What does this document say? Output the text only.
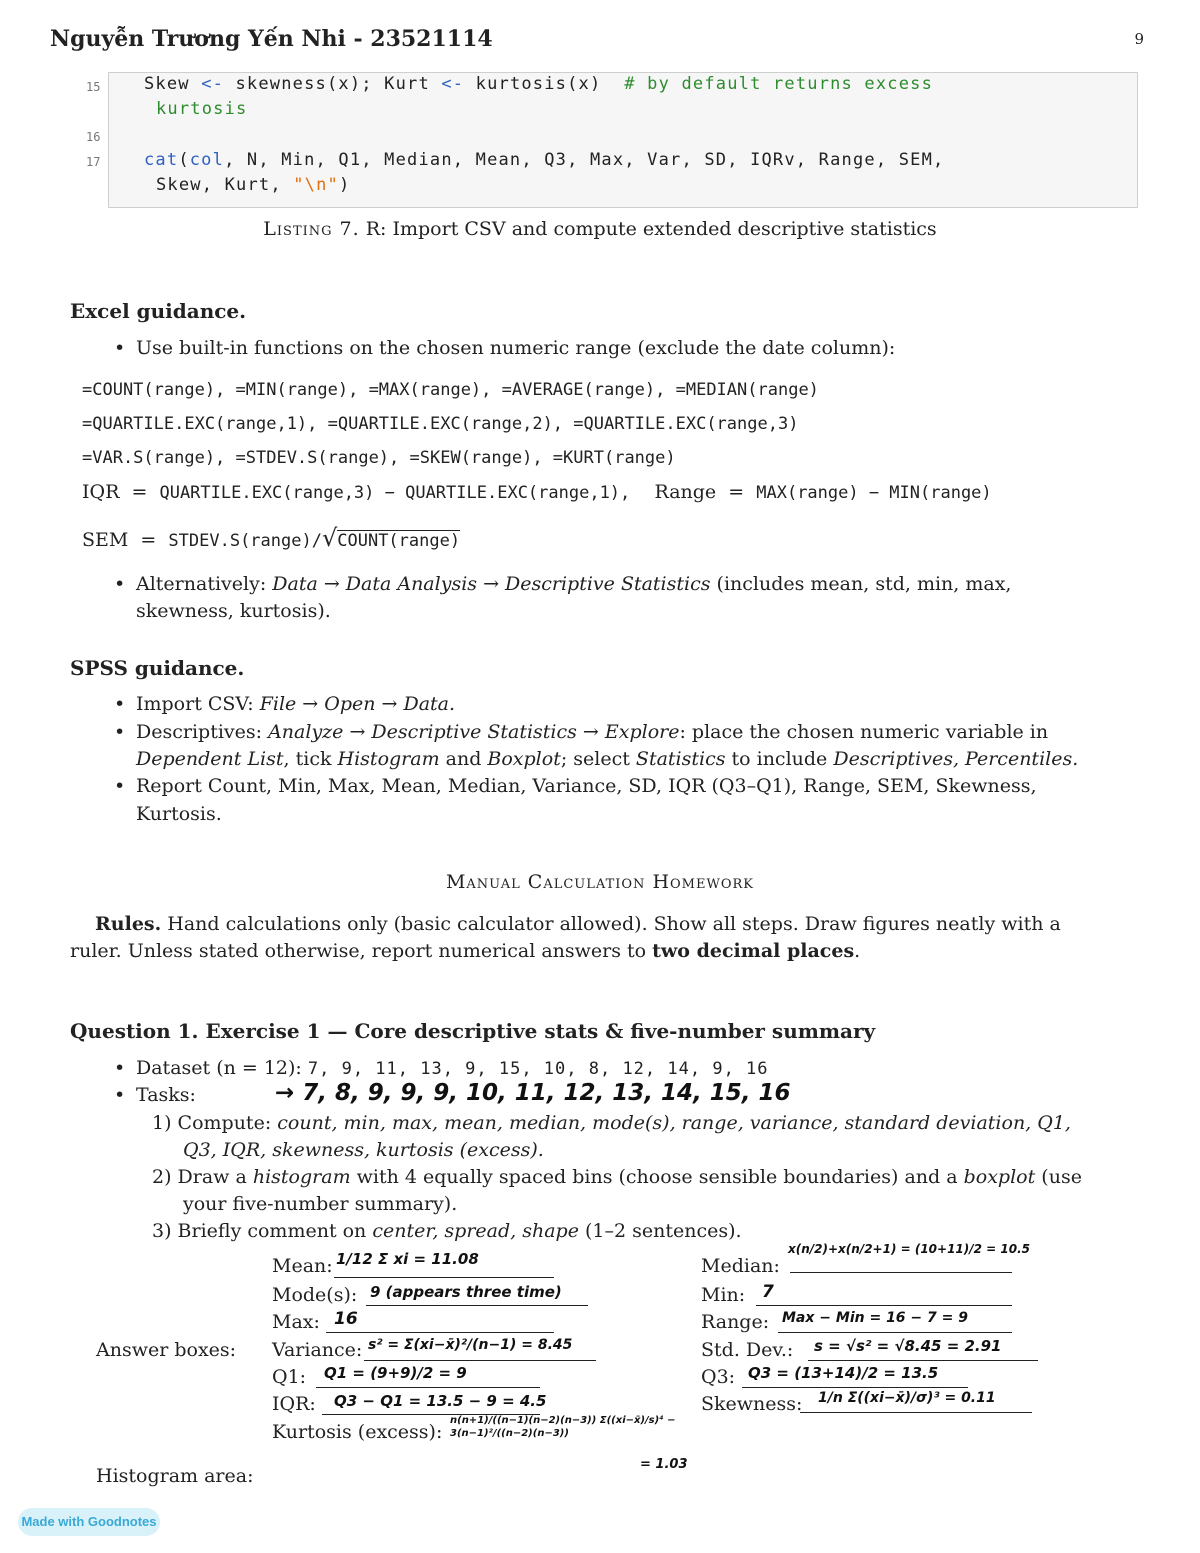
Nguyễn Trương Yến Nhi - 23521114	9
15
16
17
Skew <- skewness(x); Kurt <- kurtosis(x)  # by default returns excess
kurtosis
cat(col, N, Min, Q1, Median, Mean, Q3, Max, Var, SD, IQRv, Range, SEM,
Skew, Kurt, "\n")
Listing 7. R: Import CSV and compute extended descriptive statistics
Excel guidance.
• Use built-in functions on the chosen numeric range (exclude the date column):
=COUNT(range), =MIN(range), =MAX(range), =AVERAGE(range), =MEDIAN(range)
=QUARTILE.EXC(range,1), =QUARTILE.EXC(range,2), =QUARTILE.EXC(range,3)
=VAR.S(range), =STDEV.S(range), =SKEW(range), =KURT(range)
IQR  =  QUARTILE.EXC(range,3) − QUARTILE.EXC(range,1), Range  =  MAX(range) − MIN(range)
SEM  =  STDEV.S(range)/√COUNT(range)
• Alternatively: Data → Data Analysis → Descriptive Statistics (includes mean, std, min, max,
skewness, kurtosis).
SPSS guidance.
• Import CSV: File → Open → Data.
• Descriptives: Analyze → Descriptive Statistics → Explore: place the chosen numeric variable in
Dependent List, tick Histogram and Boxplot; select Statistics to include Descriptives, Percentiles.
• Report Count, Min, Max, Mean, Median, Variance, SD, IQR (Q3–Q1), Range, SEM, Skewness,
Kurtosis.
Manual Calculation Homework
Rules. Hand calculations only (basic calculator allowed). Show all steps. Draw figures neatly with a
ruler. Unless stated otherwise, report numerical answers to two decimal places.
Question 1. Exercise 1 — Core descriptive stats & five-number summary
• Dataset (n = 12): 7, 9, 11, 13, 9, 15, 10, 8, 12, 14, 9, 16
• Tasks:	→ 7, 8, 9, 9, 9, 10, 11, 12, 13, 14, 15, 16
1) Compute: count, min, max, mean, median, mode(s), range, variance, standard deviation, Q1,
Q3, IQR, skewness, kurtosis (excess).
2) Draw a histogram with 4 equally spaced bins (choose sensible boundaries) and a boxplot (use
your five-number summary).
3) Briefly comment on center, spread, shape (1–2 sentences).
Answer boxes:
Mean: 1/12 Σ xi = 11.08
Mode(s): 9 (appears three time)
Max: 16
Variance: s² = Σ(xi−x̄)²/(n−1) = 8.45
Q1: Q1 = (9+9)/2 = 9
IQR: Q3 − Q1 = 13.5 − 9 = 4.5
Kurtosis (excess):
n(n+1)/((n−1)(n−2)(n−3)) Σ((xi−x̄)/s)⁴ − 3(n−1)²/((n−2)(n−3))
= 1.03
Median:
x(n/2)+x(n/2+1) = (10+11)/2 = 10.5
Min: 7
Range: Max − Min = 16 − 7 = 9
Std. Dev.: s = √s² = √8.45 = 2.91
Q3: Q3 = (13+14)/2 = 13.5
Skewness: 1/n Σ((xi−x̄)/σ)³ = 0.11
Histogram area:
Made with Goodnotes
